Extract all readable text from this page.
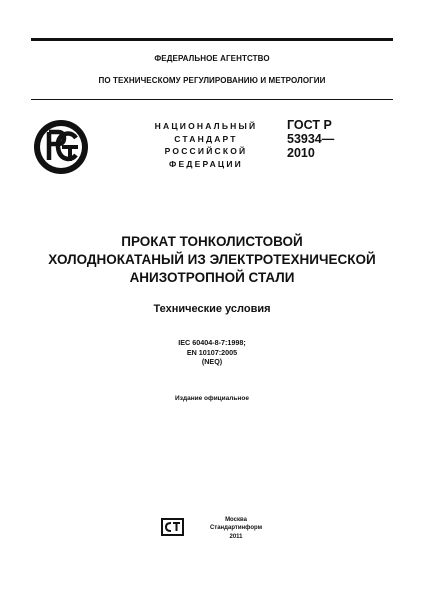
ФЕДЕРАЛЬНОЕ АГЕНТСТВО
ПО ТЕХНИЧЕСКОМУ РЕГУЛИРОВАНИЮ И МЕТРОЛОГИИ
НАЦИОНАЛЬНЫЙ
СТАНДАРТ
РОССИЙСКОЙ
ФЕДЕРАЦИИ
ГОСТ Р
53934—
2010
ПРОКАТ ТОНКОЛИСТОВОЙ
ХОЛОДНОКАТАНЫЙ ИЗ ЭЛЕКТРОТЕХНИЧЕСКОЙ
АНИЗОТРОПНОЙ СТАЛИ
Технические условия
IEC 60404-8-7:1998;
EN 10107:2005
(NEQ)
Издание официальное
Москва
Стандартинформ
2011
